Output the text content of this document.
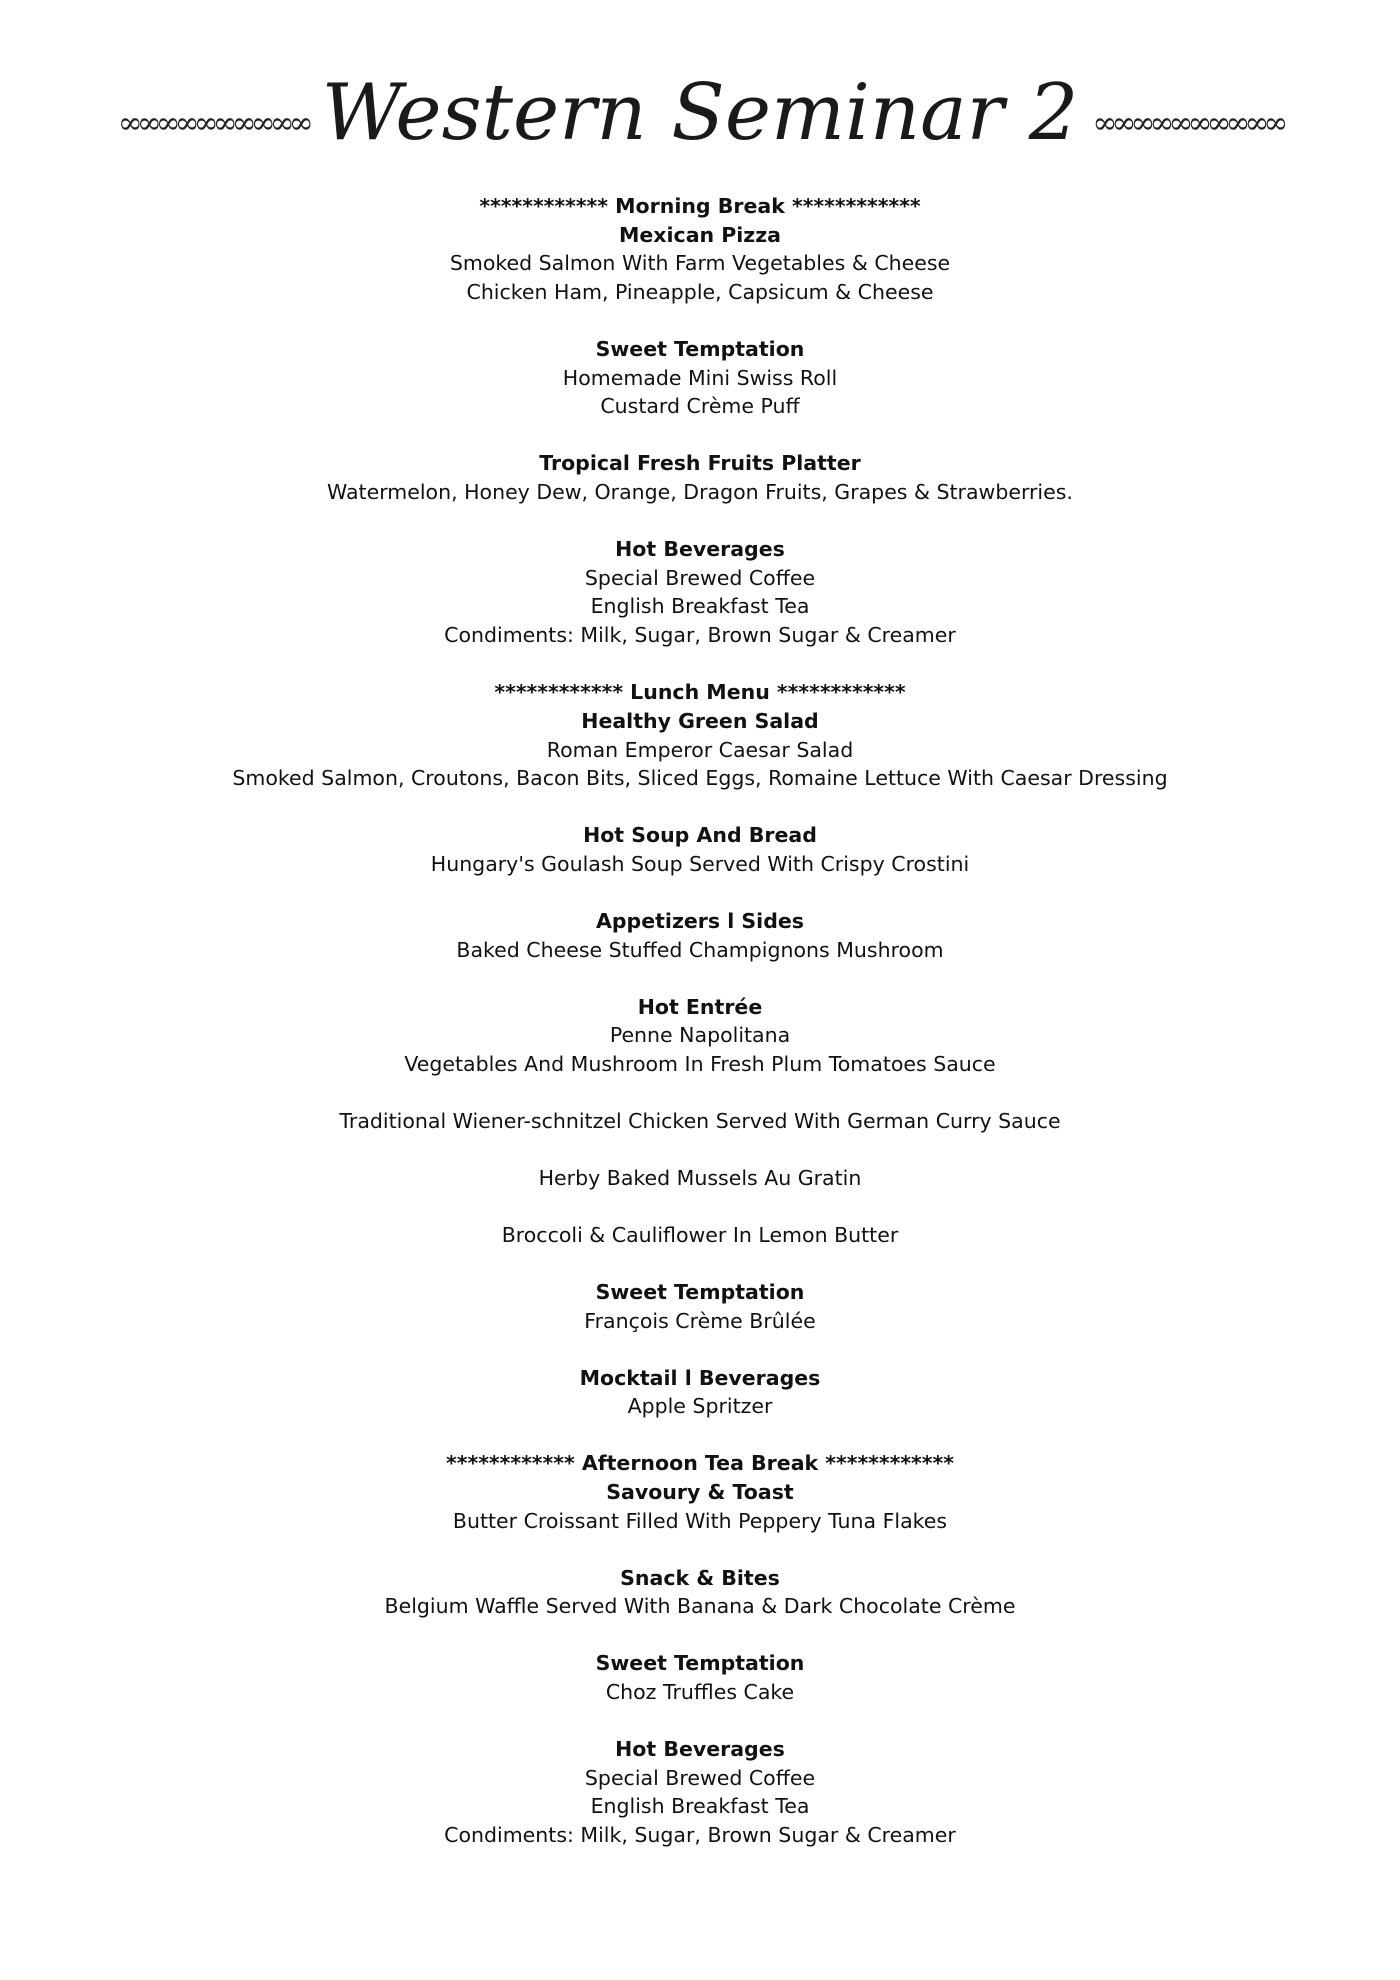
∞∞∞∞∞∞∞∞∞∞ Western Seminar 2 ∞∞∞∞∞∞∞∞∞∞
************ Morning Break ************
Mexican Pizza
Smoked Salmon With Farm Vegetables & Cheese
Chicken Ham, Pineapple, Capsicum & Cheese
Sweet Temptation
Homemade Mini Swiss Roll
Custard Crème Puff
Tropical Fresh Fruits Platter
Watermelon, Honey Dew, Orange, Dragon Fruits, Grapes & Strawberries.
Hot Beverages
Special Brewed Coffee
English Breakfast Tea
Condiments: Milk, Sugar, Brown Sugar & Creamer
************ Lunch Menu ************
Healthy Green Salad
Roman Emperor Caesar Salad
Smoked Salmon, Croutons, Bacon Bits, Sliced Eggs, Romaine Lettuce With Caesar Dressing
Hot Soup And Bread
Hungary's Goulash Soup Served With Crispy Crostini
Appetizers l Sides
Baked Cheese Stuffed Champignons Mushroom
Hot Entrée
Penne Napolitana
Vegetables And Mushroom In Fresh Plum Tomatoes Sauce
Traditional Wiener-schnitzel Chicken Served With German Curry Sauce
Herby Baked Mussels Au Gratin
Broccoli & Cauliflower In Lemon Butter
Sweet Temptation
François Crème Brûlée
Mocktail l Beverages
Apple Spritzer
************ Afternoon Tea Break ************
Savoury & Toast
Butter Croissant Filled With Peppery Tuna Flakes
Snack & Bites
Belgium Waffle Served With Banana & Dark Chocolate Crème
Sweet Temptation
Choz Truffles Cake
Hot Beverages
Special Brewed Coffee
English Breakfast Tea
Condiments: Milk, Sugar, Brown Sugar & Creamer
